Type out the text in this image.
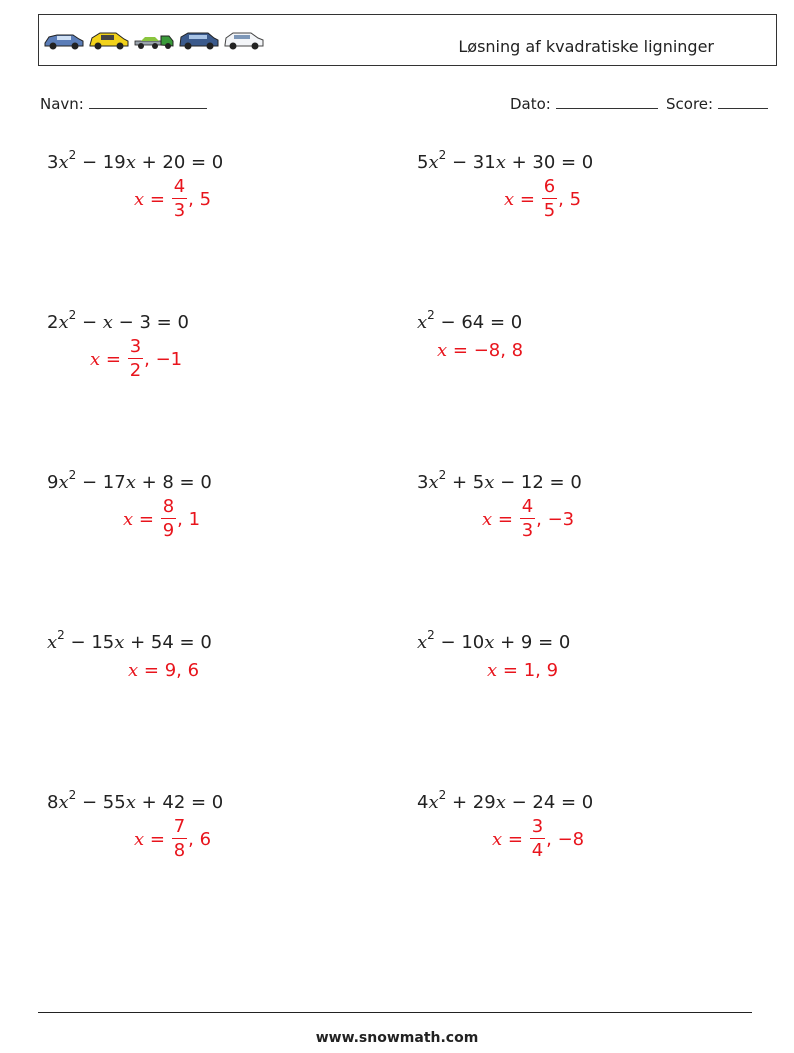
Løsning af kvadratiske ligninger
Navn:	Dato:	Score:
$3x^2 - 19x + 20 = 0$
$x = \frac{4}{3}$ , 5
$5x^2 - 31x + 30 = 0$
$x = \frac{6}{5}$ , 5
$2x^2 - x - 3 = 0$
$x = \frac{3}{2}$ , −1
$x^2 - 64 = 0$
x = −8, 8
$9x^2 - 17x + 8 = 0$
$x = \frac{8}{9}$ , 1
$3x^2 + 5x - 12 = 0$
$x = \frac{4}{3}$ , −3
$x^2 - 15x + 54 = 0$
x = 9, 6
$x^2 - 10x + 9 = 0$
x = 1, 9
$8x^2 - 55x + 42 = 0$
$x = \frac{7}{8}$ , 6
$4x^2 + 29x - 24 = 0$
$x = \frac{3}{4}$ , −8
www.snowmath.com
